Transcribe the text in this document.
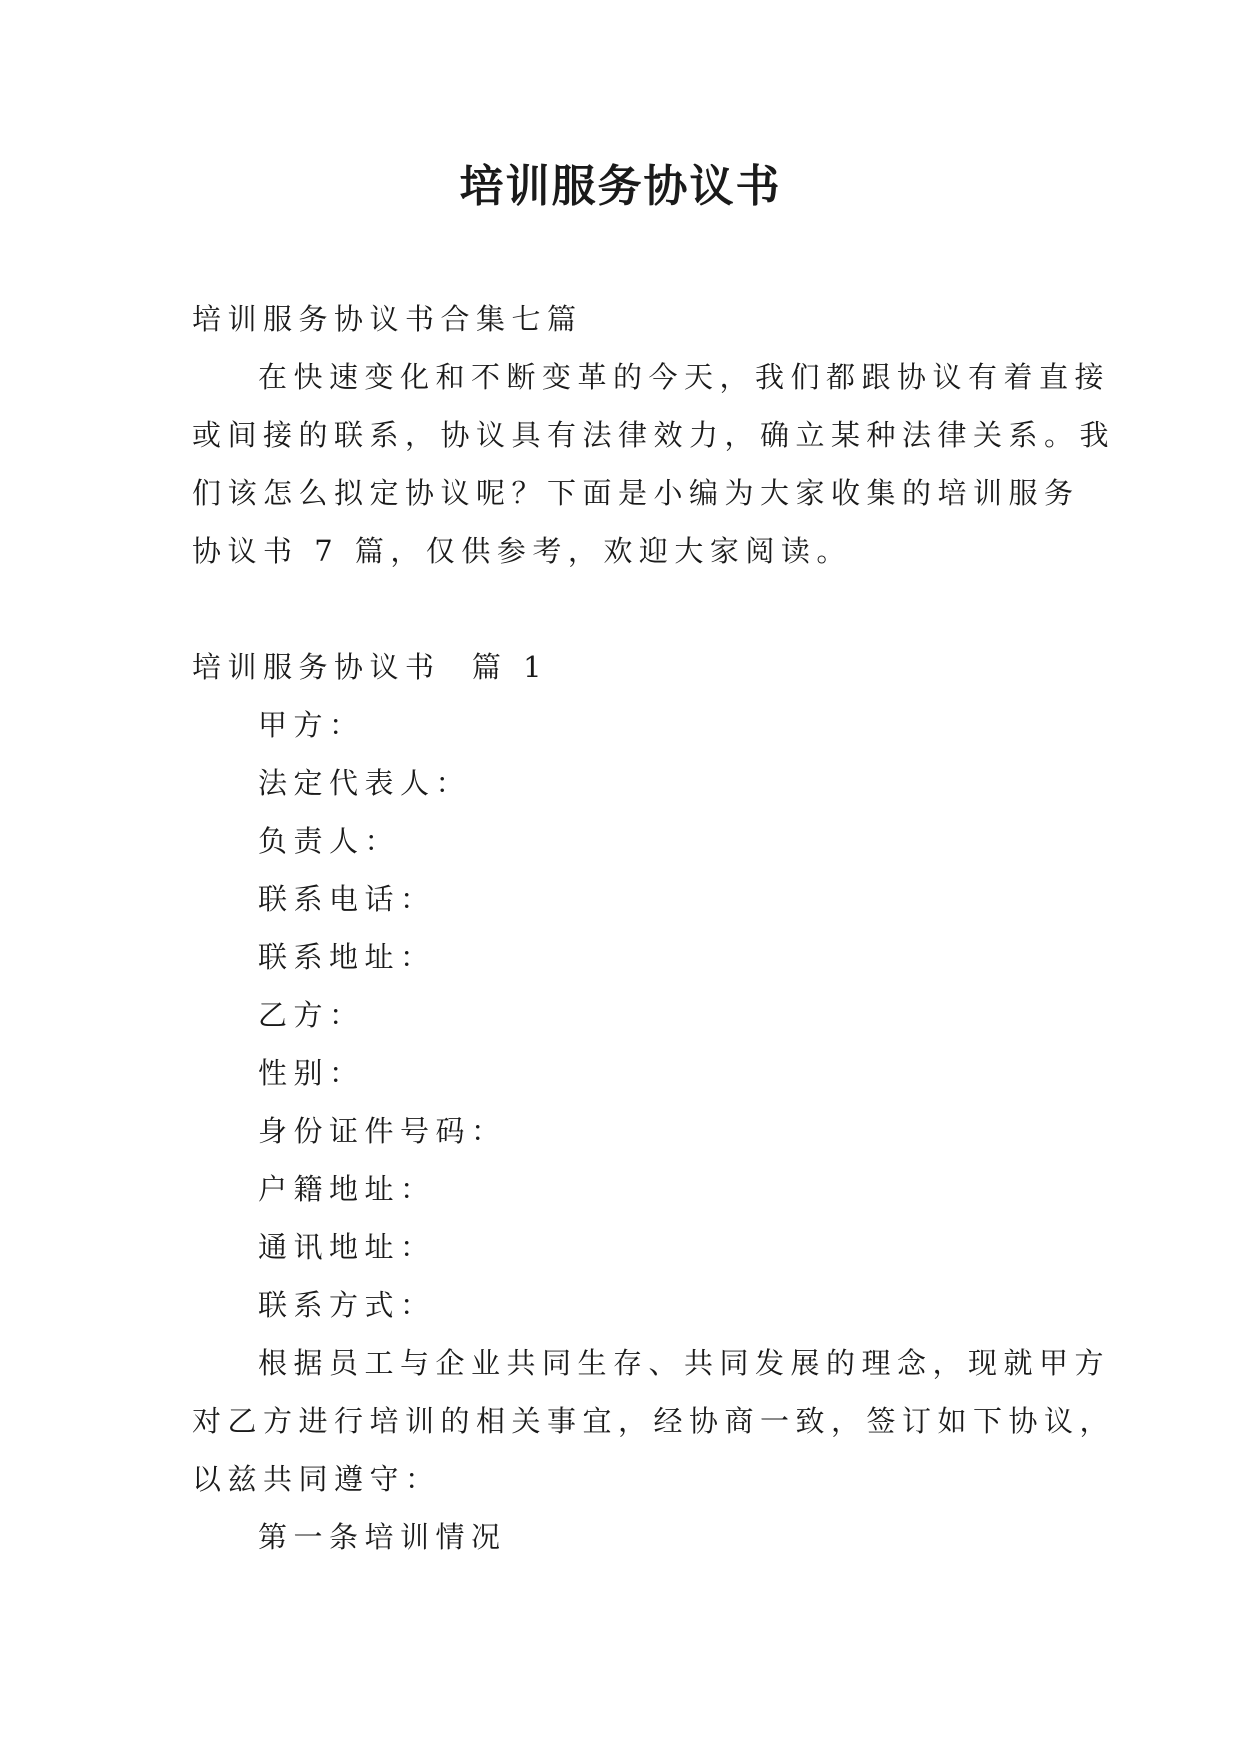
培训服务协议书
培训服务协议书合集七篇
在快速变化和不断变革的今天，我们都跟协议有着直接
或间接的联系，协议具有法律效力，确立某种法律关系。我
们该怎么拟定协议呢？下面是小编为大家收集的培训服务
协议书 7 篇，仅供参考，欢迎大家阅读。
培训服务协议书  篇 1
甲方：
法定代表人：
负责人：
联系电话：
联系地址：
乙方：
性别：
身份证件号码：
户籍地址：
通讯地址：
联系方式：
根据员工与企业共同生存、共同发展的理念，现就甲方
对乙方进行培训的相关事宜，经协商一致，签订如下协议，
以兹共同遵守：
第一条培训情况
